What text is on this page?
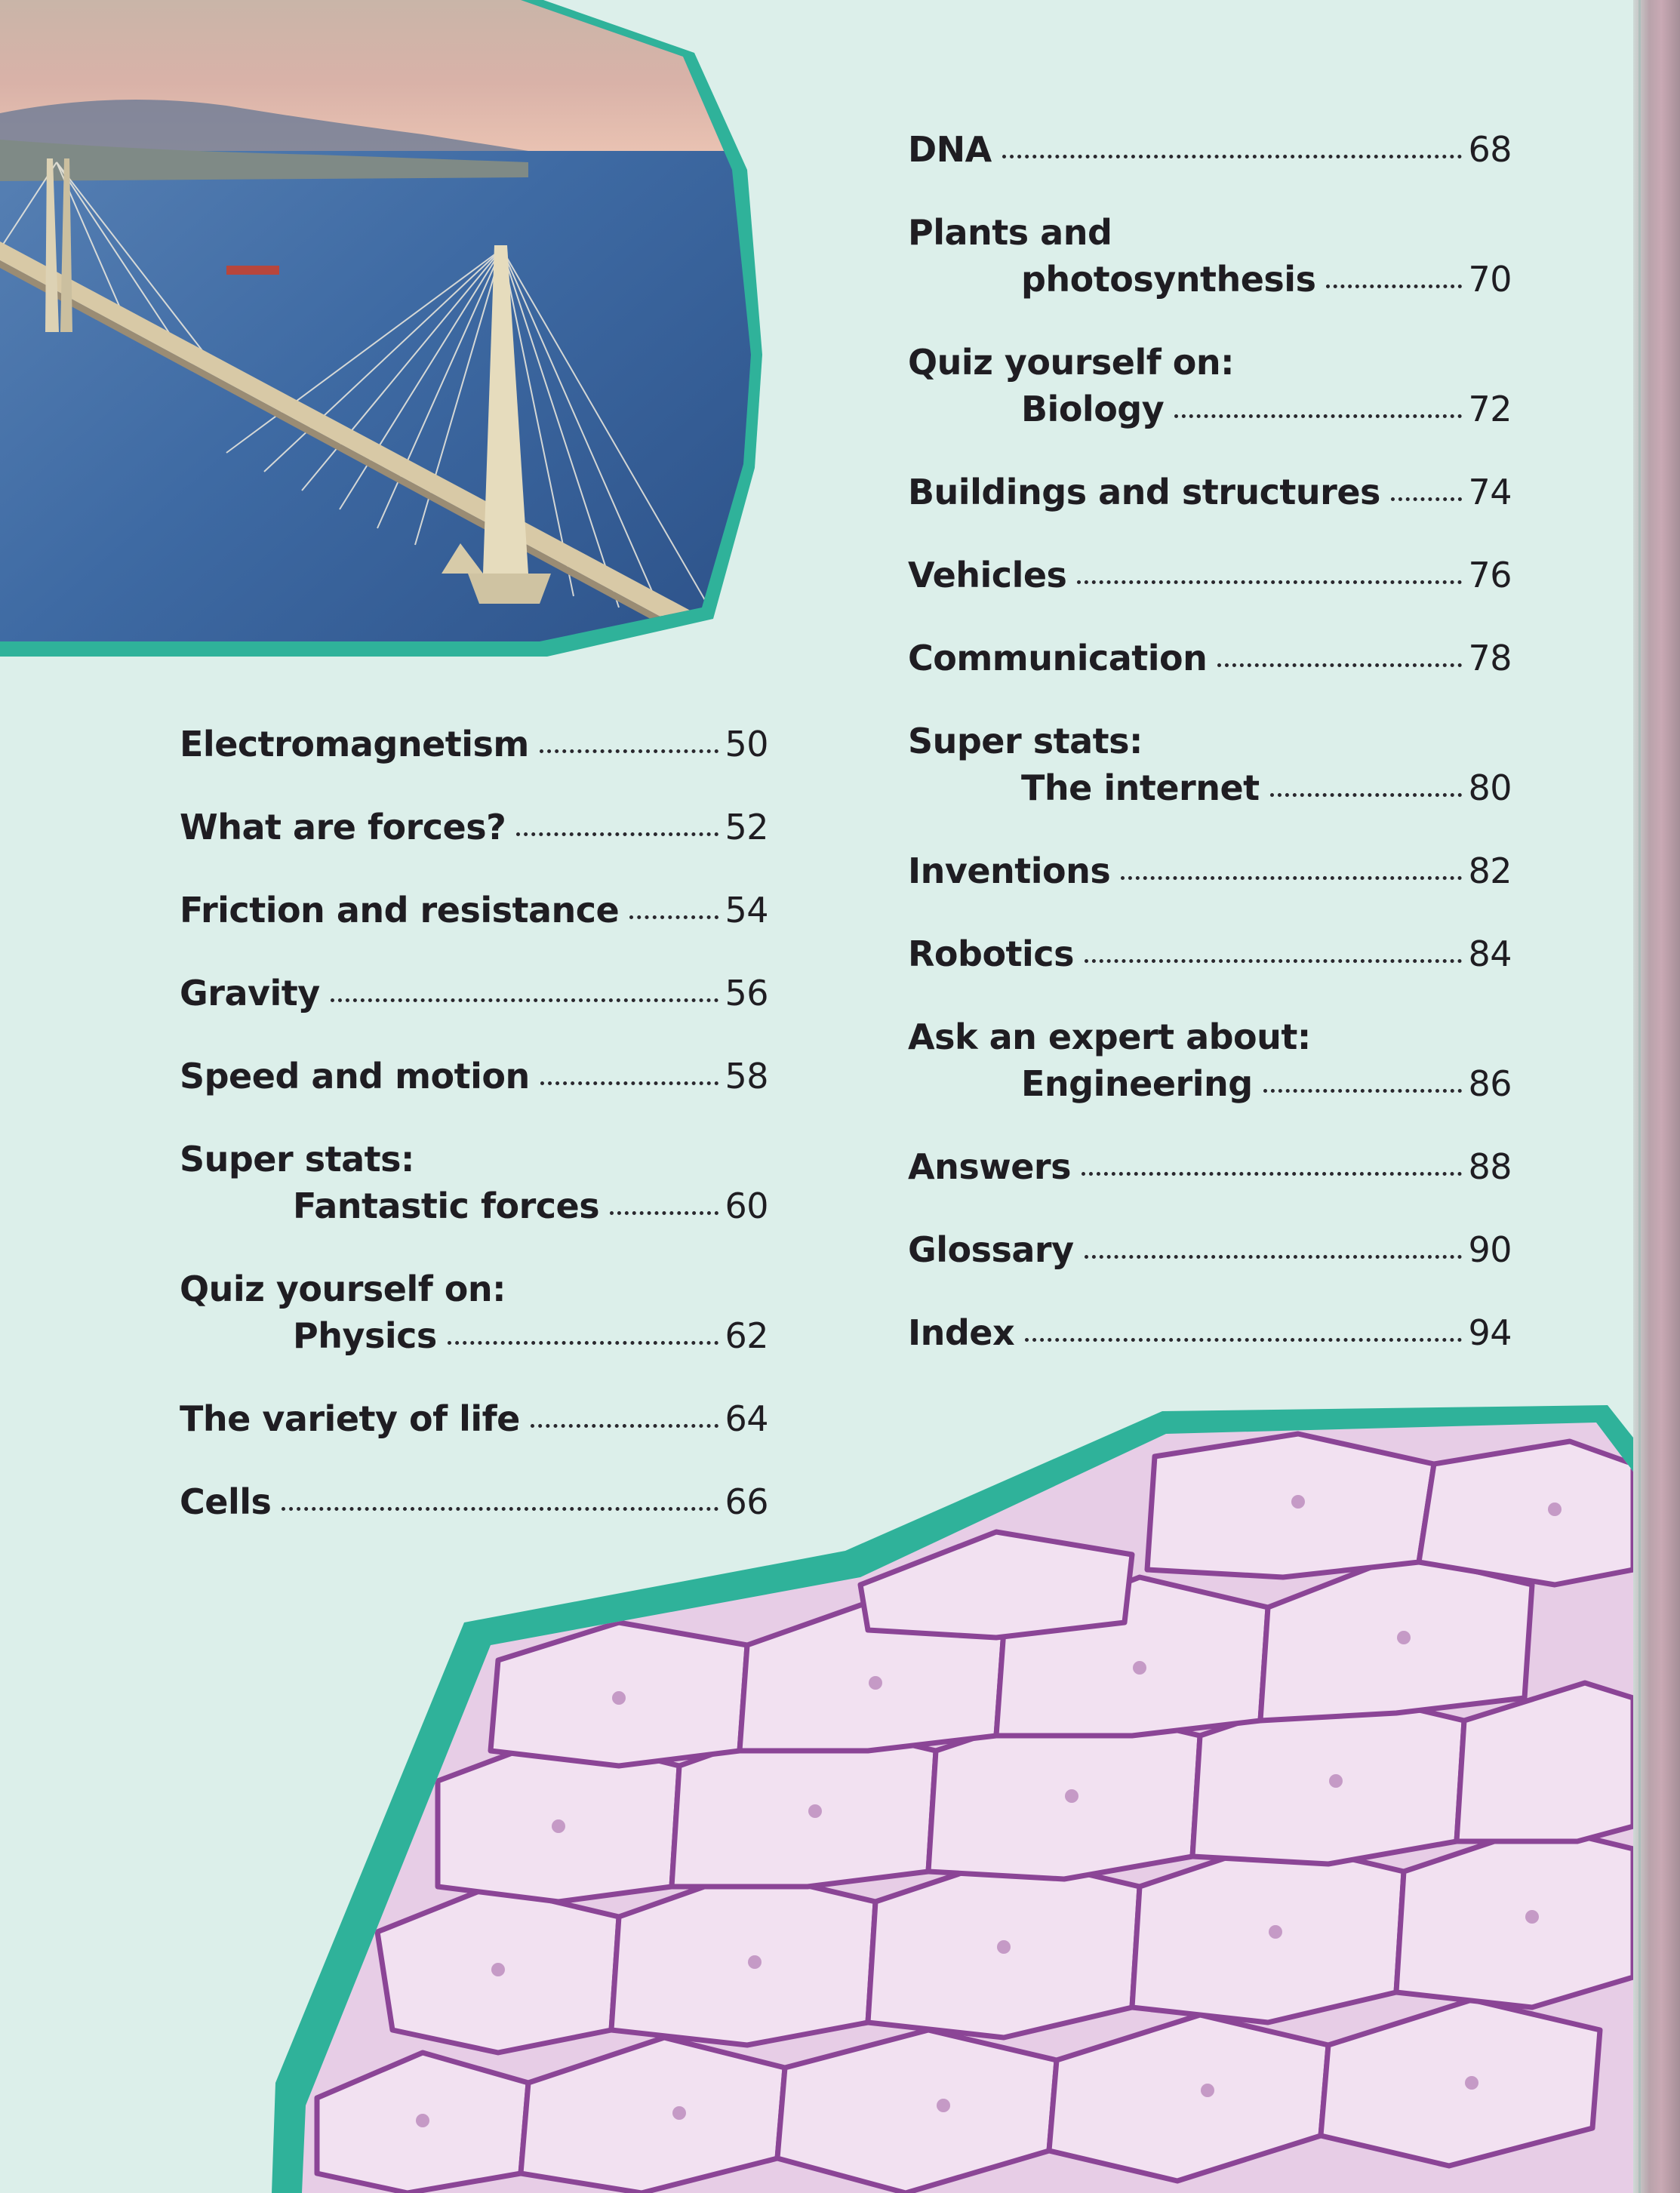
Electromagnetism	50
What are forces?	52
Friction and resistance	54
Gravity	56
Speed and motion	58
Super stats:
Fantastic forces	60
Quiz yourself on:
Physics	62
The variety of life	64
Cells	66
DNA	68
Plants and
photosynthesis	70
Quiz yourself on:
Biology	72
Buildings and structures	74
Vehicles	76
Communication	78
Super stats:
The internet	80
Inventions	82
Robotics	84
Ask an expert about:
Engineering	86
Answers	88
Glossary	90
Index	94
